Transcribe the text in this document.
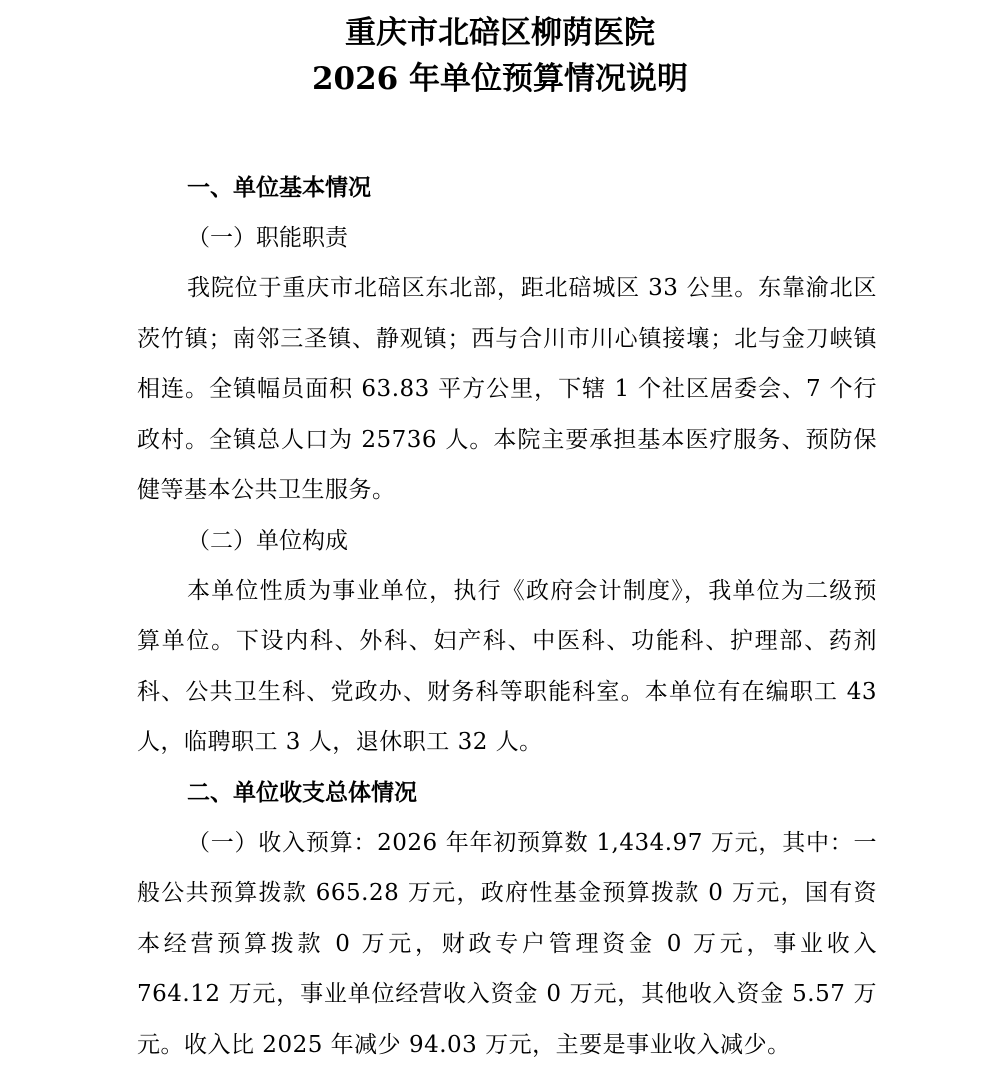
重庆市北碚区柳荫医院
2026 年单位预算情况说明

一、单位基本情况

（一）职能职责

我院位于重庆市北碚区东北部，距北碚城区 33 公里。东靠渝北区茨竹镇；南邻三圣镇、静观镇；西与合川市川心镇接壤；北与金刀峡镇相连。全镇幅员面积 63.83 平方公里，下辖 1 个社区居委会、7 个行政村。全镇总人口为 25736 人。本院主要承担基本医疗服务、预防保健等基本公共卫生服务。

（二）单位构成

本单位性质为事业单位，执行《政府会计制度》，我单位为二级预算单位。下设内科、外科、妇产科、中医科、功能科、护理部、药剂科、公共卫生科、党政办、财务科等职能科室。本单位有在编职工 43 人，临聘职工 3 人，退休职工 32 人。

二、单位收支总体情况

（一）收入预算：2026 年年初预算数 1,434.97 万元，其中：一般公共预算拨款 665.28 万元，政府性基金预算拨款 0 万元，国有资本经营预算拨款 0 万元，财政专户管理资金 0 万元，事业收入 764.12 万元，事业单位经营收入资金 0 万元，其他收入资金 5.57 万元。收入比 2025 年减少 94.03 万元，主要是事业收入减少。
